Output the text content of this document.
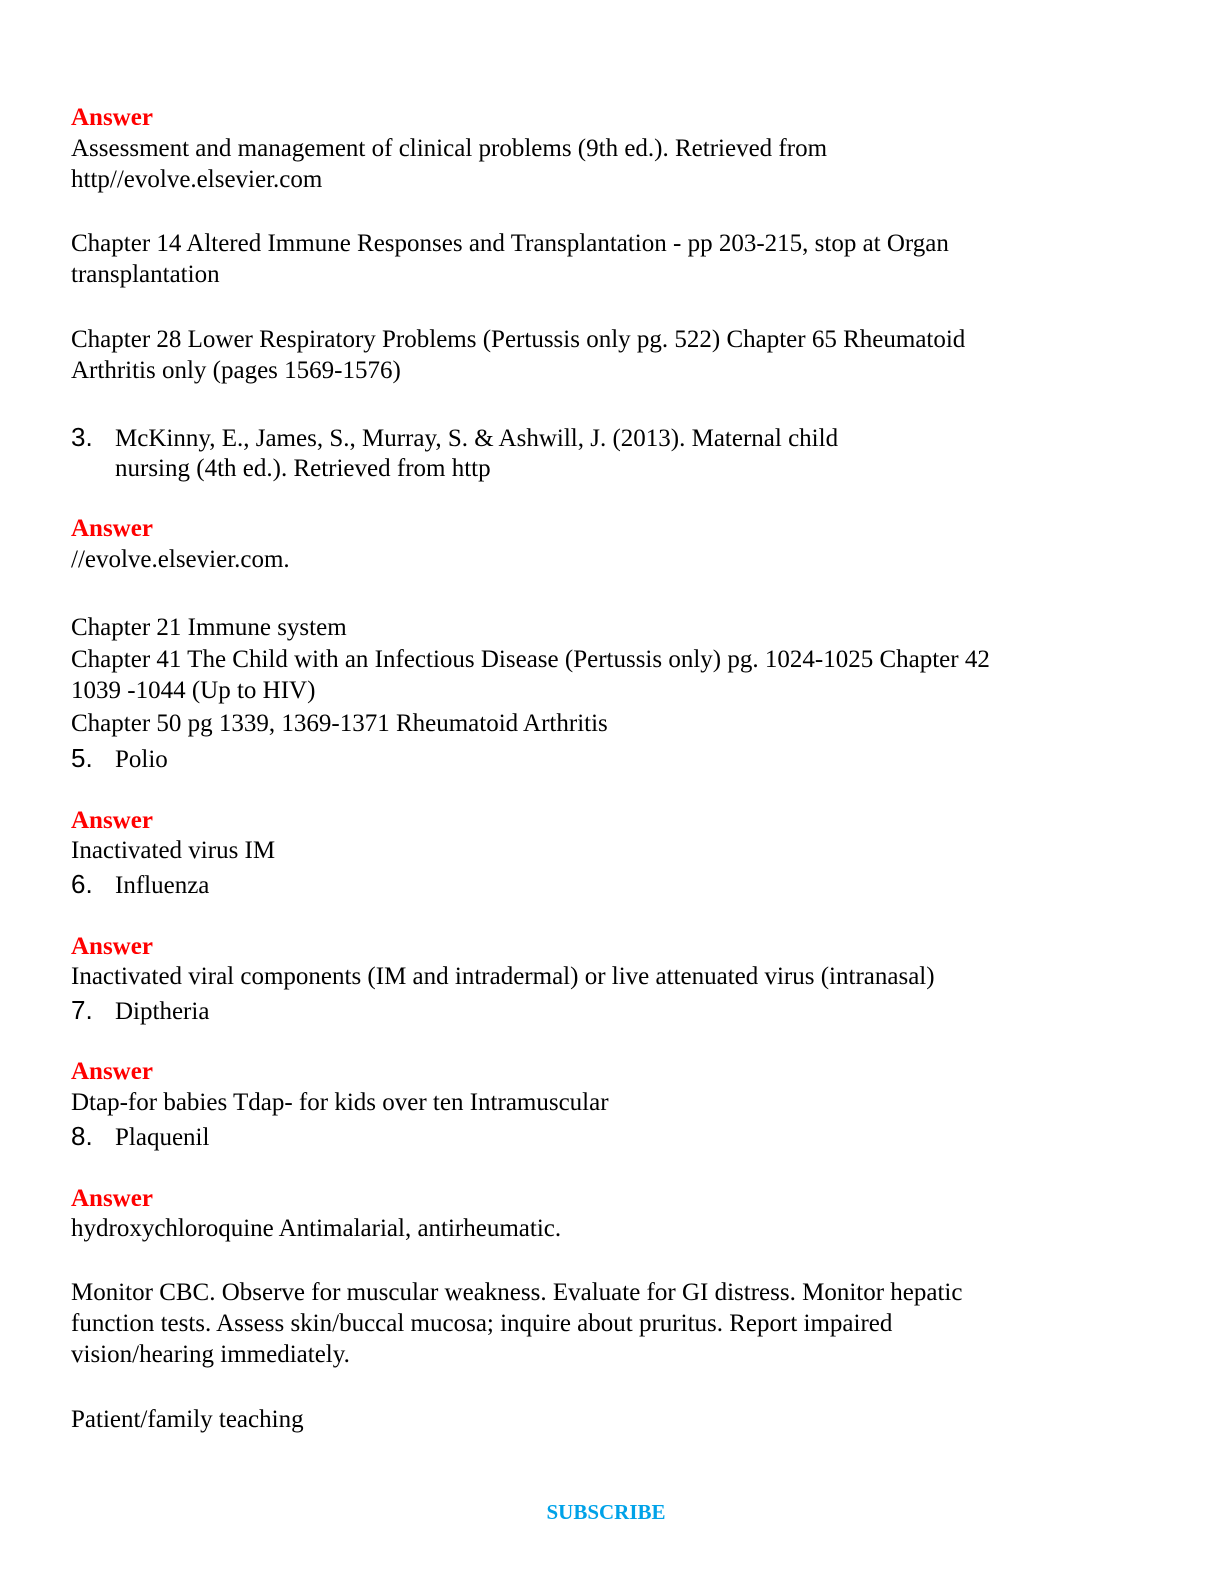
Answer
Assessment and management of clinical problems (9th ed.). Retrieved from
http//evolve.elsevier.com
Chapter 14 Altered Immune Responses and Transplantation - pp 203-215, stop at Organ
transplantation
Chapter 28 Lower Respiratory Problems (Pertussis only pg. 522) Chapter 65 Rheumatoid
Arthritis only (pages 1569-1576)
3. McKinny, E., James, S., Murray, S. & Ashwill, J. (2013). Maternal child
nursing (4th ed.). Retrieved from http
Answer
//evolve.elsevier.com.
Chapter 21 Immune system
Chapter 41 The Child with an Infectious Disease (Pertussis only) pg. 1024-1025 Chapter 42
1039 -1044 (Up to HIV)
Chapter 50 pg 1339, 1369-1371 Rheumatoid Arthritis
5. Polio
Answer
Inactivated virus IM
6. Influenza
Answer
Inactivated viral components (IM and intradermal) or live attenuated virus (intranasal)
7. Diptheria
Answer
Dtap-for babies Tdap- for kids over ten Intramuscular
8. Plaquenil
Answer
hydroxychloroquine Antimalarial, antirheumatic.
Monitor CBC. Observe for muscular weakness. Evaluate for GI distress. Monitor hepatic
function tests. Assess skin/buccal mucosa; inquire about pruritus. Report impaired
vision/hearing immediately.
Patient/family teaching
SUBSCRIBE
